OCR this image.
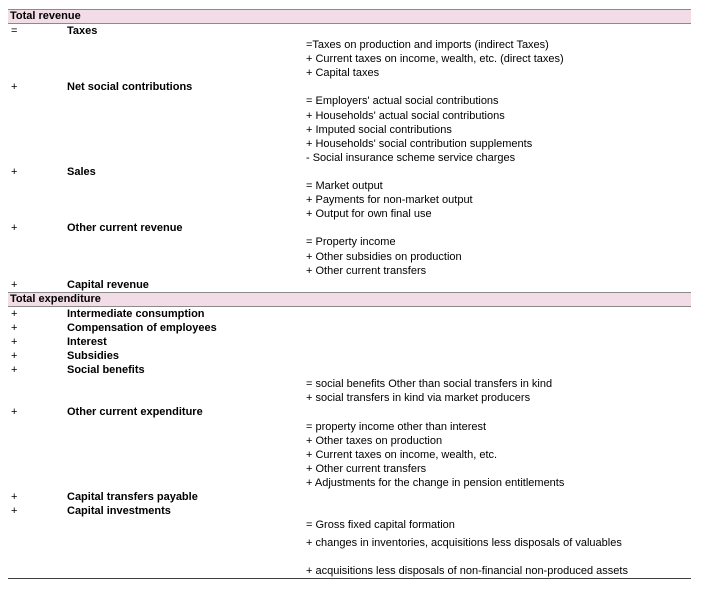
Total revenue
=	Taxes
=Taxes on production and imports (indirect Taxes)
+ Current taxes on income, wealth, etc. (direct taxes)
+ Capital taxes
+	Net social contributions
= Employers' actual social contributions
+ Households' actual social contributions
+ Imputed social contributions
+ Households' social contribution supplements
- Social insurance scheme service charges
+	Sales
= Market output
+ Payments for non-market output
+ Output for own final use
+	Other current revenue
= Property income
+ Other subsidies on production
+ Other current transfers
+	Capital revenue
Total expenditure
+	Intermediate consumption
+	Compensation of employees
+	Interest
+	Subsidies
+	Social benefits
= social benefits Other than social transfers in kind
+ social transfers in kind via market producers
+	Other current expenditure
= property income other than interest
+ Other taxes on production
+ Current taxes on income, wealth, etc.
+ Other current transfers
+ Adjustments for the change in pension entitlements
+	Capital transfers payable
+	Capital investments
= Gross fixed capital formation
+ changes in inventories, acquisitions less disposals of valuables
+ acquisitions less disposals of non-financial non-produced assets
